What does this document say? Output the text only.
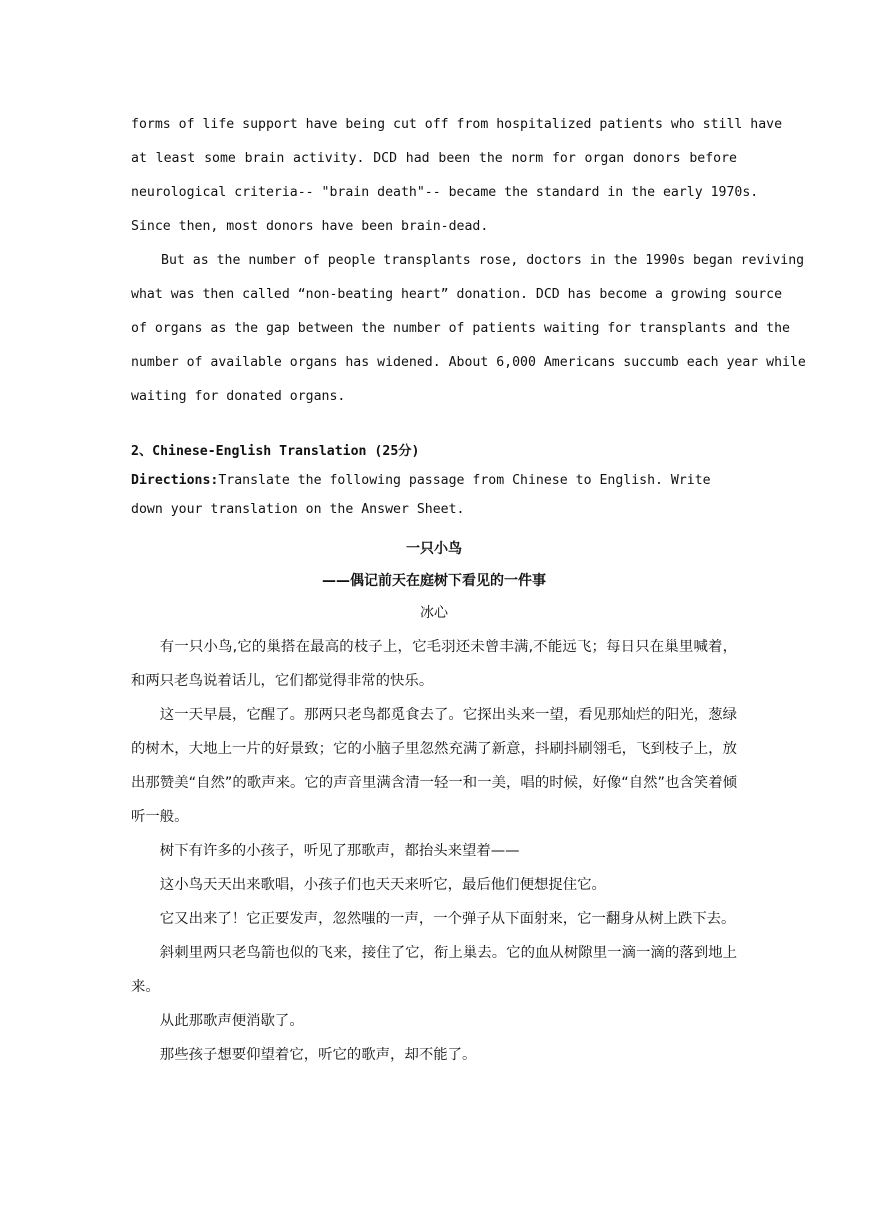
forms of life support have being cut off from hospitalized patients who still have
at least some brain activity. DCD had been the norm for organ donors before
neurological criteria-- "brain death"-- became the standard in the early 1970s.
Since then, most donors have been brain-dead.
But as the number of people transplants rose, doctors in the 1990s began reviving
what was then called “non-beating heart” donation. DCD has become a growing source
of organs as the gap between the number of patients waiting for transplants and the
number of available organs has widened. About 6,000 Americans succumb each year while
waiting for donated organs.

2、Chinese-English Translation (25分)

Directions:Translate the following passage from Chinese to English. Write down your translation on the Answer Sheet.

一只小鸟

——偶记前天在庭树下看见的一件事

冰心

有一只小鸟,它的巢搭在最高的枝子上，它毛羽还未曾丰满,不能远飞；每日只在巢里喊着，和两只老鸟说着话儿，它们都觉得非常的快乐。

这一天早晨，它醒了。那两只老鸟都觅食去了。它探出头来一望，看见那灿烂的阳光，葱绿的树木，大地上一片的好景致；它的小脑子里忽然充满了新意，抖刷抖刷翎毛，飞到枝子上，放出那赞美“自然”的歌声来。它的声音里满含清一轻一和一美，唱的时候，好像“自然”也含笑着倾听一般。

树下有许多的小孩子，听见了那歌声，都抬头来望着——

这小鸟天天出来歌唱，小孩子们也天天来听它，最后他们便想捉住它。

它又出来了！它正要发声，忽然嗤的一声，一个弹子从下面射来，它一翻身从树上跌下去。

斜刺里两只老鸟箭也似的飞来，接住了它，衔上巢去。它的血从树隙里一滴一滴的落到地上来。

从此那歌声便消歇了。

那些孩子想要仰望着它，听它的歌声，却不能了。
